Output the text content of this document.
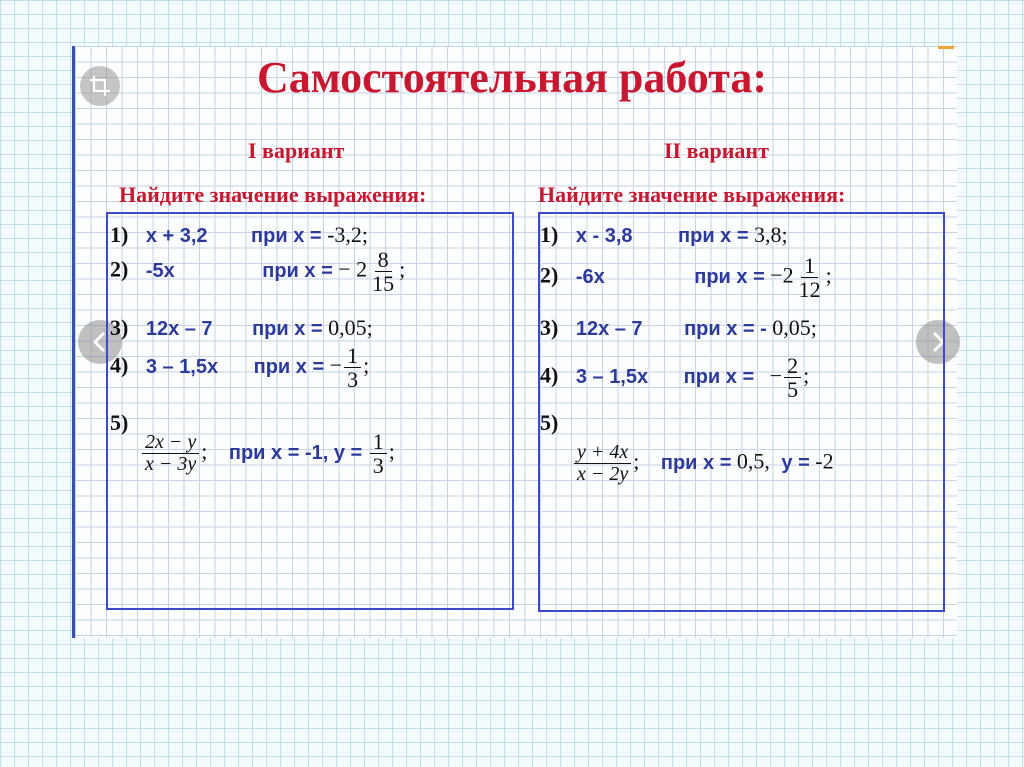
Самостоятельная работа:
I вариант	II вариант
Найдите значение выражения:	Найдите значение выражения:
1) x + 3,2 при x = -3,2;
2) -5x	при x = − $2 \frac{8}{15}$ ;
3) 12x – 7 при x = 0,05;
4) 3 – 1,5x при x = − $\frac{1}{3}$ ;
5)
$\frac{2x - y}{x - 3y}$ ; при x = -1, $y = \frac{1}{3}$ ;
1) x - 3,8 при x = 3,8;
2) -6x	при $x = -2 \frac{1}{12}$ ;
3) 12x – 7 при x = - 0,05;
4) 3 – 1,5x при x = − $\frac{2}{5}$ ;
5)
$\frac{y + 4x}{x - 2y}$ ; при x = 0,5, y = -2
